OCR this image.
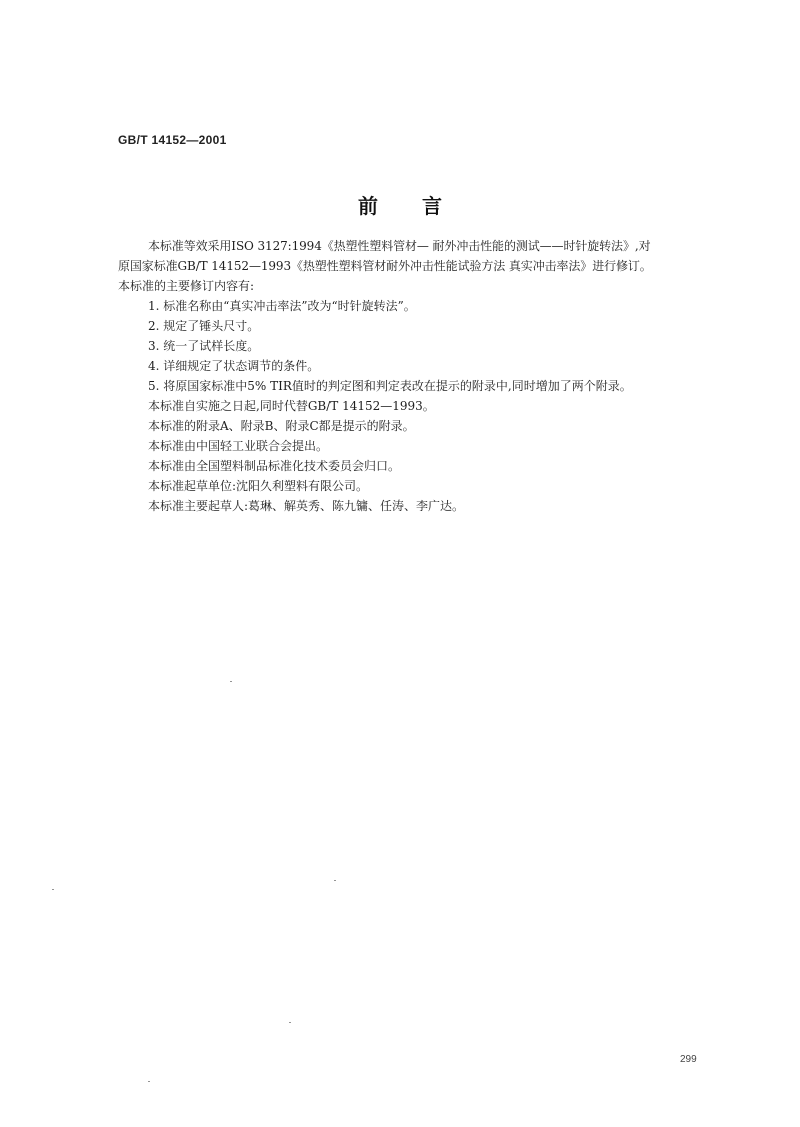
GB/T 14152—2001
前言

本标准等效采用ISO 3127:1994《热塑性塑料管材— 耐外冲击性能的测试——时针旋转法》,对

原国家标准GB/T 14152—1993《热塑性塑料管材耐外冲击性能试验方法 真实冲击率法》进行修订。

本标准的主要修订内容有:

1. 标准名称由“真实冲击率法”改为“时针旋转法”。

2. 规定了锤头尺寸。

3. 统一了试样长度。

4. 详细规定了状态调节的条件。

5. 将原国家标准中5% TIR值时的判定图和判定表改在提示的附录中,同时增加了两个附录。

本标准自实施之日起,同时代替GB/T 14152—1993。

本标准的附录A、附录B、附录C都是提示的附录。

本标准由中国轻工业联合会提出。

本标准由全国塑料制品标准化技术委员会归口。

本标准起草单位:沈阳久利塑料有限公司。

本标准主要起草人:葛琳、解英秀、陈九镛、任涛、李广达。

299
